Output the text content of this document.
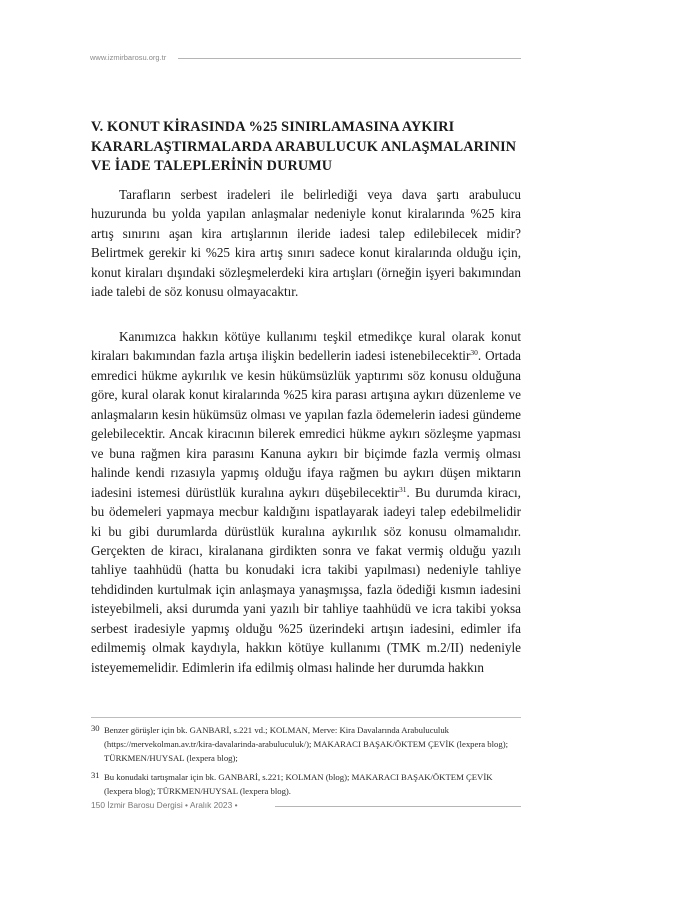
www.izmirbarosu.org.tr
V. KONUT KİRASINDA %25 SINIRLAMASINA AYKIRI
KARARLAŞTIRMALARDA ARABULUCUK ANLAŞMALARININ
VE İADE TALEPLERİNİN DURUMU

Tarafların serbest iradeleri ile belirlediği veya dava şartı arabulucu huzurunda bu yolda yapılan anlaşmalar nedeniyle konut kiralarında %25 kira artış sınırını aşan kira artışlarının ileride iadesi talep edilebilecek midir? Belirtmek gerekir ki %25 kira artış sınırı sadece konut kiralarında olduğu için, konut kiraları dışındaki sözleşmelerdeki kira artışları (örneğin işyeri bakımından iade talebi de söz konusu olmayacaktır.

Kanımızca hakkın kötüye kullanımı teşkil etmedikçe kural olarak konut kiraları bakımından fazla artışa ilişkin bedellerin iadesi istenebilecektir$^{30}$. Ortada emredici hükme aykırılık ve kesin hükümsüzlük yaptırımı söz konusu olduğuna göre, kural olarak konut kiralarında %25 kira parası artışına aykırı düzenleme ve anlaşmaların kesin hükümsüz olması ve yapılan fazla ödemelerin iadesi gündeme gelebilecektir. Ancak kiracının bilerek emredici hükme aykırı sözleşme yapması ve buna rağmen kira parasını Kanuna aykırı bir biçimde fazla vermiş olması halinde kendi rızasıyla yapmış olduğu ifaya rağmen bu aykırı düşen miktarın iadesini istemesi dürüstlük kuralına aykırı düşebilecektir$^{31}$. Bu durumda kiracı, bu ödemeleri yapmaya mecbur kaldığını ispatlayarak iadeyi talep edebilmelidir ki bu gibi durumlarda dürüstlük kuralına aykırılık söz konusu olmamalıdır. Gerçekten de kiracı, kiralanana girdikten sonra ve fakat vermiş olduğu yazılı tahliye taahhüdü (hatta bu konudaki icra takibi yapılması) nedeniyle tahliye tehdidinden kurtulmak için anlaşmaya yanaşmışsa, fazla ödediği kısmın iadesini isteyebilmeli, aksi durumda yani yazılı bir tahliye taahhüdü ve icra takibi yoksa serbest iradesiyle yapmış olduğu %25 üzerindeki artışın iadesini, edimler ifa edilmemiş olmak kaydıyla, hakkın kötüye kullanımı (TMK m.2/II) nedeniyle isteyememelidir. Edimlerin ifa edilmiş olması halinde her durumda hakkın

30 Benzer görüşler için bk. GANBARİ, s.221 vd.; KOLMAN, Merve: Kira Davalarında Arabuluculuk (https://mervekolman.av.tr/kira-davalarinda-arabuluculuk/); MAKARACI BAŞAK/ÖKTEM ÇEVİK (lexpera blog); TÜRKMEN/HUYSAL (lexpera blog);
31 Bu konudaki tartışmalar için bk. GANBARİ, s.221; KOLMAN (blog); MAKARACI BAŞAK/ÖKTEM ÇEVİK (lexpera blog); TÜRKMEN/HUYSAL (lexpera blog).
150 İzmir Barosu Dergisi • Aralık 2023 •
